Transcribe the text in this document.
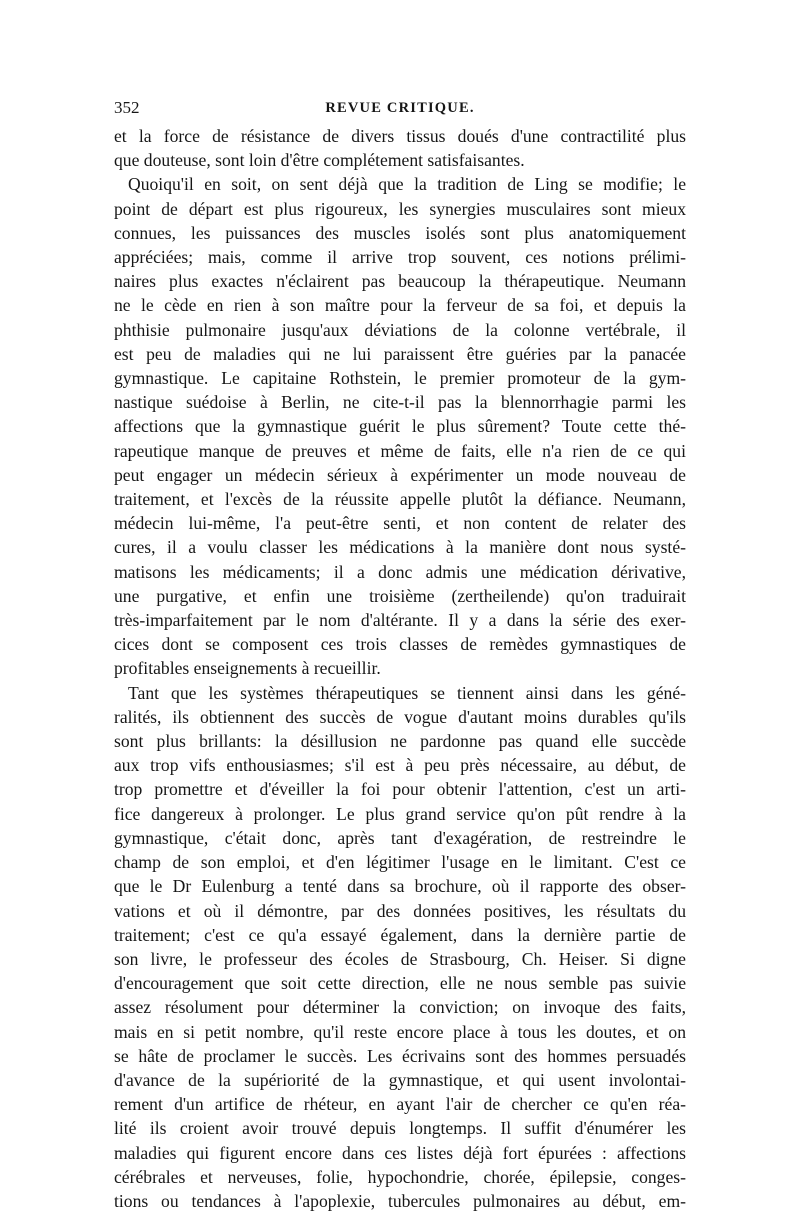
352	REVUE CRITIQUE.
et la force de résistance de divers tissus doués d'une contractilité plus
que douteuse, sont loin d'être complétement satisfaisantes.
Quoiqu'il en soit, on sent déjà que la tradition de Ling se modifie; le
point de départ est plus rigoureux, les synergies musculaires sont mieux
connues, les puissances des muscles isolés sont plus anatomiquement
appréciées; mais, comme il arrive trop souvent, ces notions prélimi-
naires plus exactes n'éclairent pas beaucoup la thérapeutique. Neumann
ne le cède en rien à son maître pour la ferveur de sa foi, et depuis la
phthisie pulmonaire jusqu'aux déviations de la colonne vertébrale, il
est peu de maladies qui ne lui paraissent être guéries par la panacée
gymnastique. Le capitaine Rothstein, le premier promoteur de la gym-
nastique suédoise à Berlin, ne cite-t-il pas la blennorrhagie parmi les
affections que la gymnastique guérit le plus sûrement? Toute cette thé-
rapeutique manque de preuves et même de faits, elle n'a rien de ce qui
peut engager un médecin sérieux à expérimenter un mode nouveau de
traitement, et l'excès de la réussite appelle plutôt la défiance. Neumann,
médecin lui-même, l'a peut-être senti, et non content de relater des
cures, il a voulu classer les médications à la manière dont nous systé-
matisons les médicaments; il a donc admis une médication dérivative,
une purgative, et enfin une troisième (zertheilende) qu'on traduirait
très-imparfaitement par le nom d'altérante. Il y a dans la série des exer-
cices dont se composent ces trois classes de remèdes gymnastiques de
profitables enseignements à recueillir.
Tant que les systèmes thérapeutiques se tiennent ainsi dans les géné-
ralités, ils obtiennent des succès de vogue d'autant moins durables qu'ils
sont plus brillants: la désillusion ne pardonne pas quand elle succède
aux trop vifs enthousiasmes; s'il est à peu près nécessaire, au début, de
trop promettre et d'éveiller la foi pour obtenir l'attention, c'est un arti-
fice dangereux à prolonger. Le plus grand service qu'on pût rendre à la
gymnastique, c'était donc, après tant d'exagération, de restreindre le
champ de son emploi, et d'en légitimer l'usage en le limitant. C'est ce
que le Dr Eulenburg a tenté dans sa brochure, où il rapporte des obser-
vations et où il démontre, par des données positives, les résultats du
traitement; c'est ce qu'a essayé également, dans la dernière partie de
son livre, le professeur des écoles de Strasbourg, Ch. Heiser. Si digne
d'encouragement que soit cette direction, elle ne nous semble pas suivie
assez résolument pour déterminer la conviction; on invoque des faits,
mais en si petit nombre, qu'il reste encore place à tous les doutes, et on
se hâte de proclamer le succès. Les écrivains sont des hommes persuadés
d'avance de la supériorité de la gymnastique, et qui usent involontai-
rement d'un artifice de rhéteur, en ayant l'air de chercher ce qu'en réa-
lité ils croient avoir trouvé depuis longtemps. Il suffit d'énumérer les
maladies qui figurent encore dans ces listes déjà fort épurées : affections
cérébrales et nerveuses, folie, hypochondrie, chorée, épilepsie, conges-
tions ou tendances à l'apoplexie, tubercules pulmonaires au début, em-
